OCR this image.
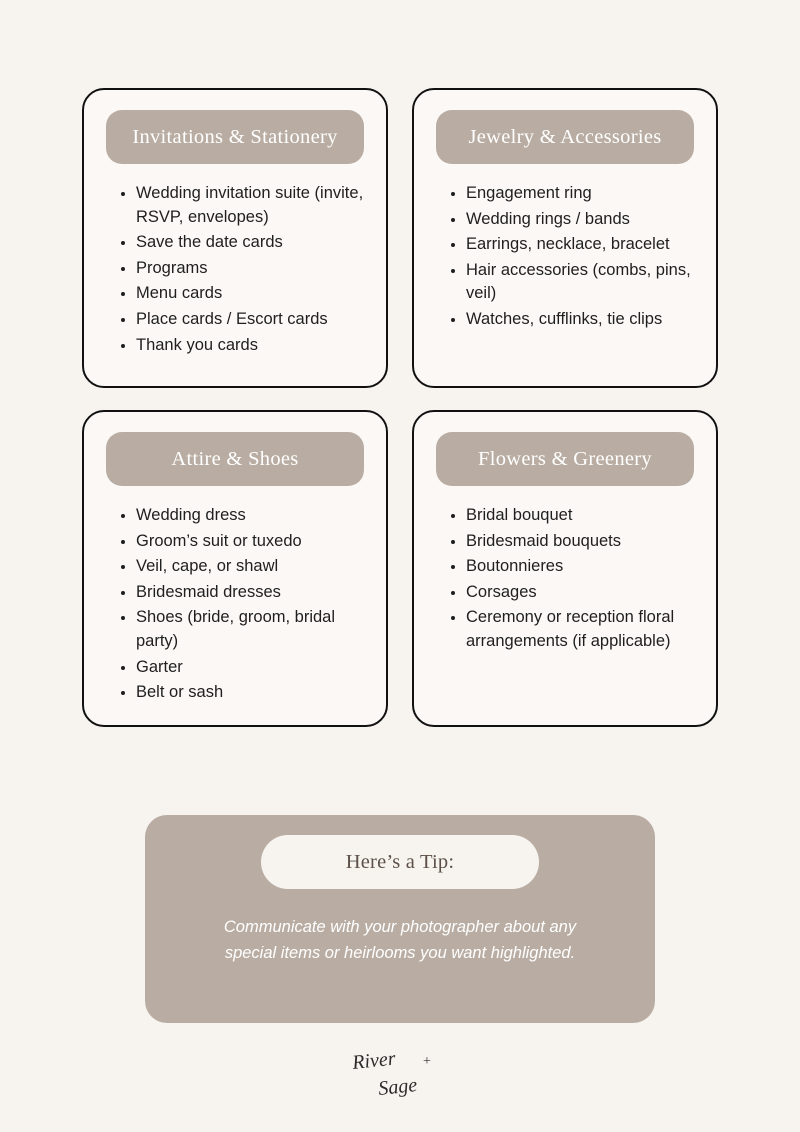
Invitations & Stationery
• Wedding invitation suite (invite, RSVP, envelopes)
• Save the date cards
• Programs
• Menu cards
• Place cards / Escort cards
• Thank you cards
Jewelry & Accessories
• Engagement ring
• Wedding rings / bands
• Earrings, necklace, bracelet
• Hair accessories (combs, pins, veil)
• Watches, cufflinks, tie clips
Attire & Shoes
• Wedding dress
• Groom’s suit or tuxedo
• Veil, cape, or shawl
• Bridesmaid dresses
• Shoes (bride, groom, bridal party)
• Garter
• Belt or sash
Flowers & Greenery
• Bridal bouquet
• Bridesmaid bouquets
• Boutonnieres
• Corsages
• Ceremony or reception floral arrangements (if applicable)
Here’s a Tip:
Communicate with your photographer about any special items or heirlooms you want highlighted.
River +
Sage
